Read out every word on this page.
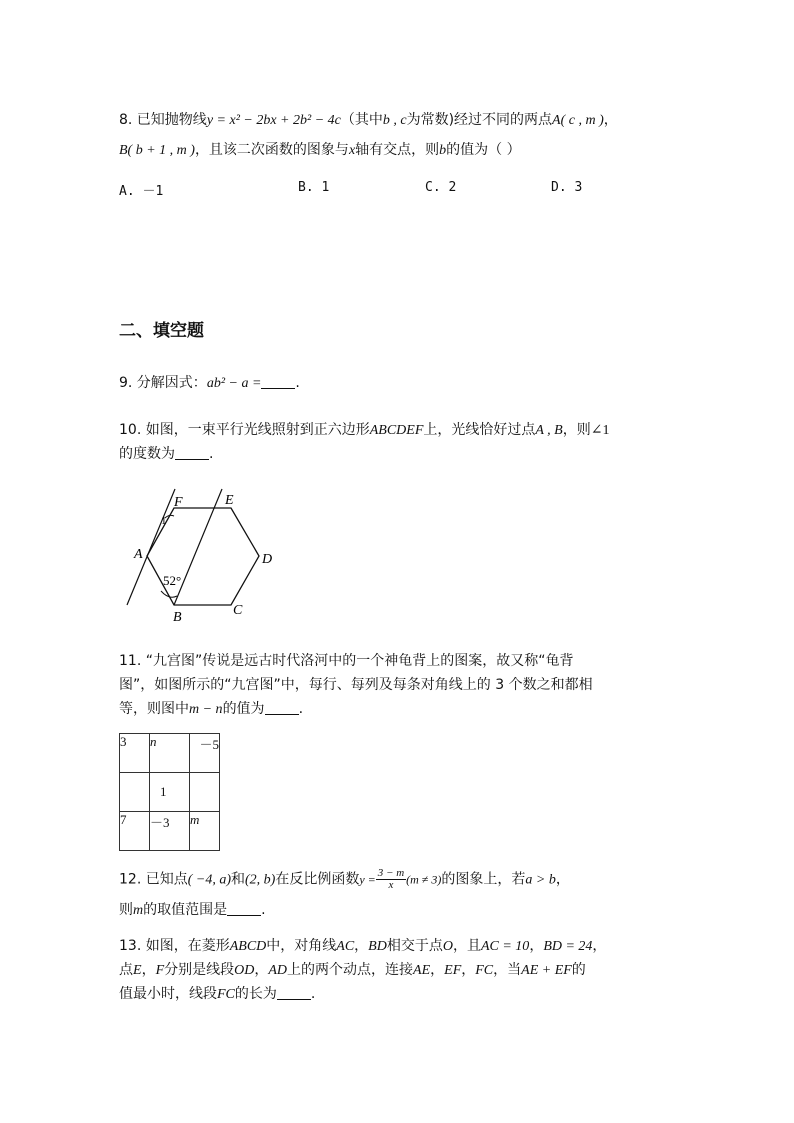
8. 已知抛物线y = x² − 2bx + 2b² − 4c（其中b , c为常数)经过不同的两点A( c , m )，
B( b + 1 , m )，且该二次函数的图象与x轴有交点，则b的值为（ ）
A. －1	B. 1	C. 2	D. 3
二、填空题
9. 分解因式：ab² − a = .
10. 如图，一束平行光线照射到正六边形ABCDEF上，光线恰好过点A , B，则∠1
的度数为 .
F	E
A	D
B	C
1
52°
11. “九宫图”传说是远古时代洛河中的一个神龟背上的图案，故又称“龟背
图”，如图所示的“九宫图”中，每行、每列及每条对角线上的 3 个数之和都相
等，则图中m − n的值为 .
3	n	－5
	1	
7	－3	m
12. 已知点( −4, a)和(2, b)在反比例函数$y = \frac{3 - m}{x} (m \ne 3)$的图象上，若a > b，
则m的取值范围是 .
13. 如图，在菱形ABCD中，对角线AC，BD相交于点O，且AC = 10，BD = 24，
点E，F分别是线段OD，AD上的两个动点，连接AE，EF，FC，当AE + EF的
值最小时，线段FC的长为 .
